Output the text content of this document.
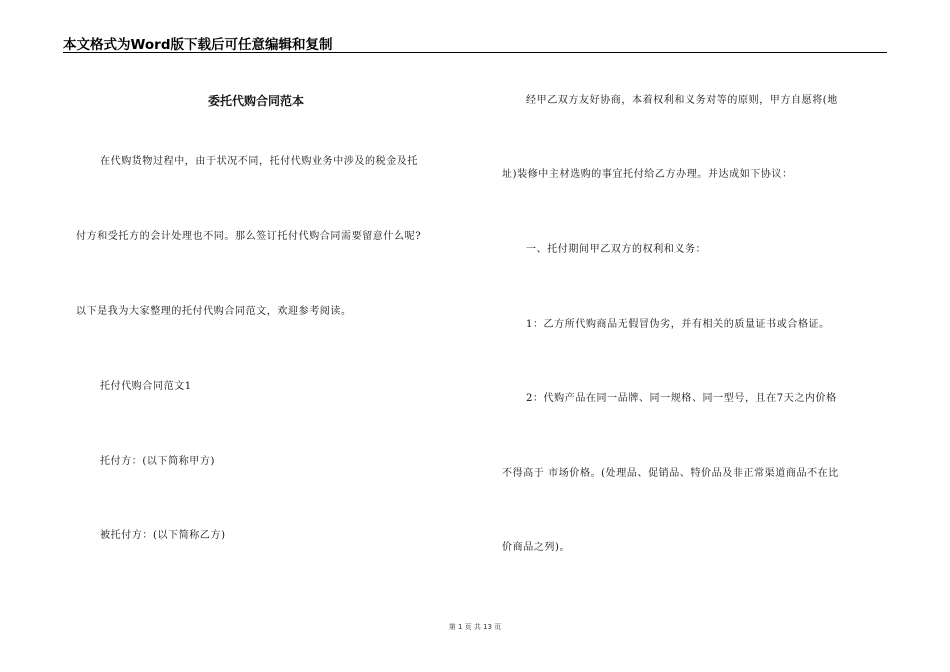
本文格式为Word版下载后可任意编辑和复制
委托代购合同范本
在代购货物过程中，由于状况不同，托付代购业务中涉及的税金及托
付方和受托方的会计处理也不同。那么签订托付代购合同需要留意什么呢?
以下是我为大家整理的托付代购合同范文，欢迎参考阅读。
托付代购合同范文1
托付方：(以下简称甲方)
被托付方：(以下简称乙方)
经甲乙双方友好协商，本着权利和义务对等的原则，甲方自愿将(地
址)装修中主材选购的事宜托付给乙方办理。并达成如下协议：
一、托付期间甲乙双方的权利和义务：
1：乙方所代购商品无假冒伪劣，并有相关的质量证书或合格证。
2：代购产品在同一品牌、同一规格、同一型号，且在7天之内价格
不得高于 市场价格。(处理品、促销品、特价品及非正常渠道商品不在比
价商品之列)。
第 1 页 共 13 页
